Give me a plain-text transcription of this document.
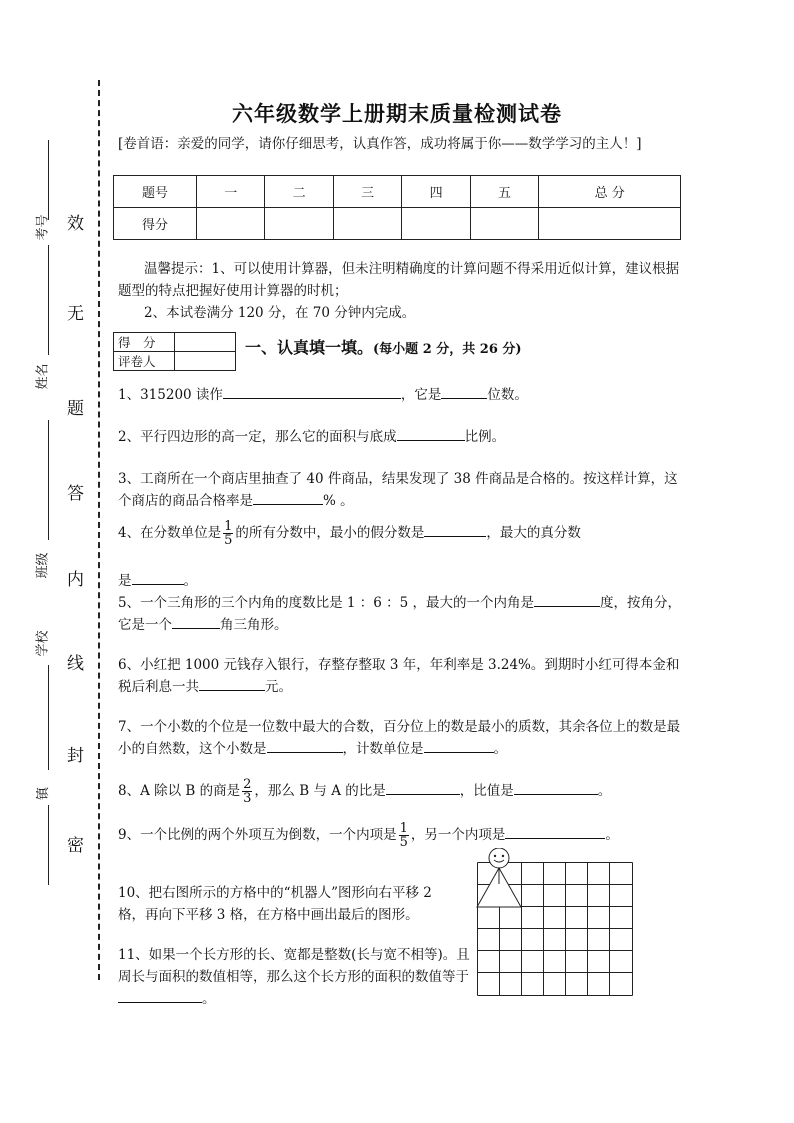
考号
姓名
班级
学校
镇
效
无
题
答
内
线
封
密
六年级数学上册期末质量检测试卷
[卷首语：亲爱的同学，请你仔细思考，认真作答，成功将属于你——数学学习的主人！]
题号	一	二	三	四	五	总 分
得分						
温馨提示：1、可以使用计算器，但未注明精确度的计算问题不得采用近似计算，建议根据题型的特点把握好使用计算器的时机；
2、本试卷满分 120 分，在 70 分钟内完成。
得　分	
评卷人	
一、认真填一填。(每小题 2 分，共 26 分)
1、315200 读作	，它是	位数。
2、平行四边形的高一定，那么它的面积与底成	比例。
3、工商所在一个商店里抽查了 40 件商品，结果发现了 38 件商品是合格的。按这样计算，这个商店的商品合格率是	% 。
4、在分数单位是 $\frac{1}{5}$ 的所有分数中，最小的假分数是	，最大的真分数
是	。
5、一个三角形的三个内角的度数比是 1 ：6 ：5 ，最大的一个内角是	度，按角分，它是一个	角三角形。
6、小红把 1000 元钱存入银行，存整存整取 3 年，年利率是 3.24%。到期时小红可得本金和税后利息一共	元。
7、一个小数的个位是一位数中最大的合数，百分位上的数是最小的质数，其余各位上的数是最小的自然数，这个小数是	，计数单位是	。
8、A 除以 B 的商是 $\frac{2}{3}$ ，那么 B 与 A 的比是	，比值是	。
9、一个比例的两个外项互为倒数，一个内项是 $\frac{1}{5}$ ，另一个内项是	。
10、把右图所示的方格中的“机器人”图形向右平移 2 格，再向下平移 3 格，在方格中画出最后的图形。
11、如果一个长方形的长、宽都是整数(长与宽不相等)。且周长与面积的数值相等，那么这个长方形的面积的数值等于。
